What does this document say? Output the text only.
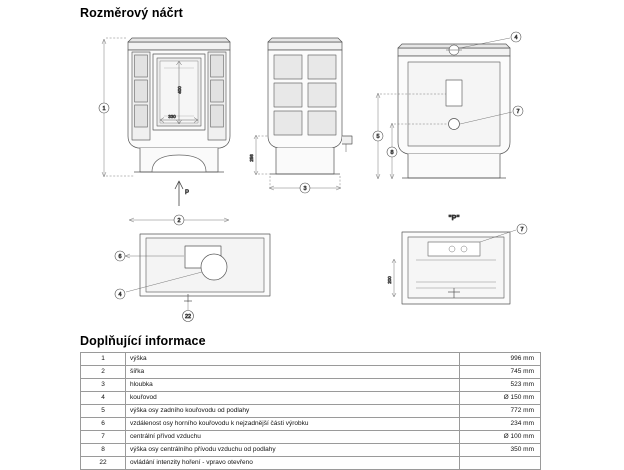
Rozměrový náčrt
400
330
1
P
256
3
2
4
7
5
8
6
4
22
"P"
200
7
Doplňující informace
1	výška	996 mm
2	šířka	745 mm
3	hloubka	523 mm
4	kouřovod	Ø 150 mm
5	výška osy zadního kouřovodu od podlahy	772 mm
6	vzdálenost osy horního kouřovodu k nejzadnější části výrobku	234 mm
7	centrální přívod vzduchu	Ø 100 mm
8	výška osy centrálního přívodu vzduchu od podlahy	350 mm
22	ovládání intenzity hoření - vpravo otevřeno	
